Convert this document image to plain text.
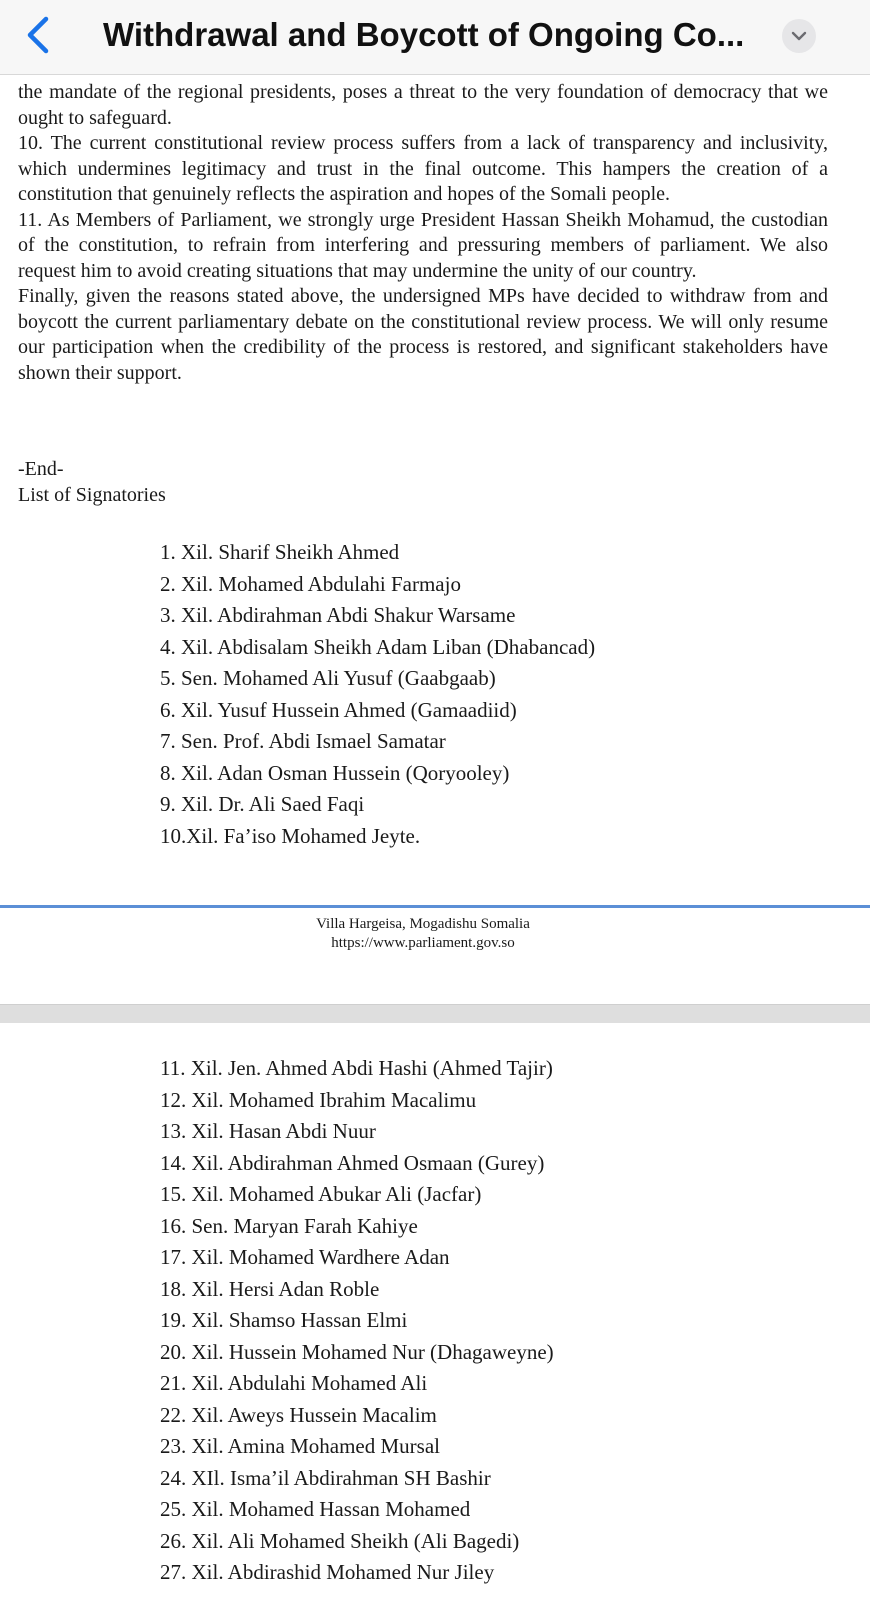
Withdrawal and Boycott of Ongoing Co...

the mandate of the regional presidents, poses a threat to the very foundation of democracy that we ought to safeguard.

10. The current constitutional review process suffers from a lack of transparency and inclusivity, which undermines legitimacy and trust in the final outcome. This hampers the creation of a constitution that genuinely reflects the aspiration and hopes of the Somali people.

11. As Members of Parliament, we strongly urge President Hassan Sheikh Mohamud, the custodian of the constitution, to refrain from interfering and pressuring members of parliament. We also request him to avoid creating situations that may undermine the unity of our country.

Finally, given the reasons stated above, the undersigned MPs have decided to withdraw from and boycott the current parliamentary debate on the constitutional review process. We will only resume our participation when the credibility of the process is restored, and significant stakeholders have shown their support.

-End-
List of Signatories
1. Xil. Sharif Sheikh Ahmed
2. Xil. Mohamed Abdulahi Farmajo
3. Xil. Abdirahman Abdi Shakur Warsame
4. Xil. Abdisalam Sheikh Adam Liban (Dhabancad)
5. Sen. Mohamed Ali Yusuf (Gaabgaab)
6. Xil. Yusuf Hussein Ahmed (Gamaadiid)
7. Sen. Prof. Abdi Ismael Samatar
8. Xil. Adan Osman Hussein (Qoryooley)
9. Xil. Dr. Ali Saed Faqi
10.Xil. Fa’iso Mohamed Jeyte.
Villa Hargeisa, Mogadishu Somalia
https://www.parliament.gov.so
11. Xil. Jen. Ahmed Abdi Hashi (Ahmed Tajir)
12. Xil. Mohamed Ibrahim Macalimu
13. Xil. Hasan Abdi Nuur
14. Xil. Abdirahman Ahmed Osmaan (Gurey)
15. Xil. Mohamed Abukar Ali (Jacfar)
16. Sen. Maryan Farah Kahiye
17. Xil. Mohamed Wardhere Adan
18. Xil. Hersi Adan Roble
19. Xil. Shamso Hassan Elmi
20. Xil. Hussein Mohamed Nur (Dhagaweyne)
21. Xil. Abdulahi Mohamed Ali
22. Xil. Aweys Hussein Macalim
23. Xil. Amina Mohamed Mursal
24. XIl. Isma’il Abdirahman SH Bashir
25. Xil. Mohamed Hassan Mohamed
26. Xil. Ali Mohamed Sheikh (Ali Bagedi)
27. Xil. Abdirashid Mohamed Nur Jiley
